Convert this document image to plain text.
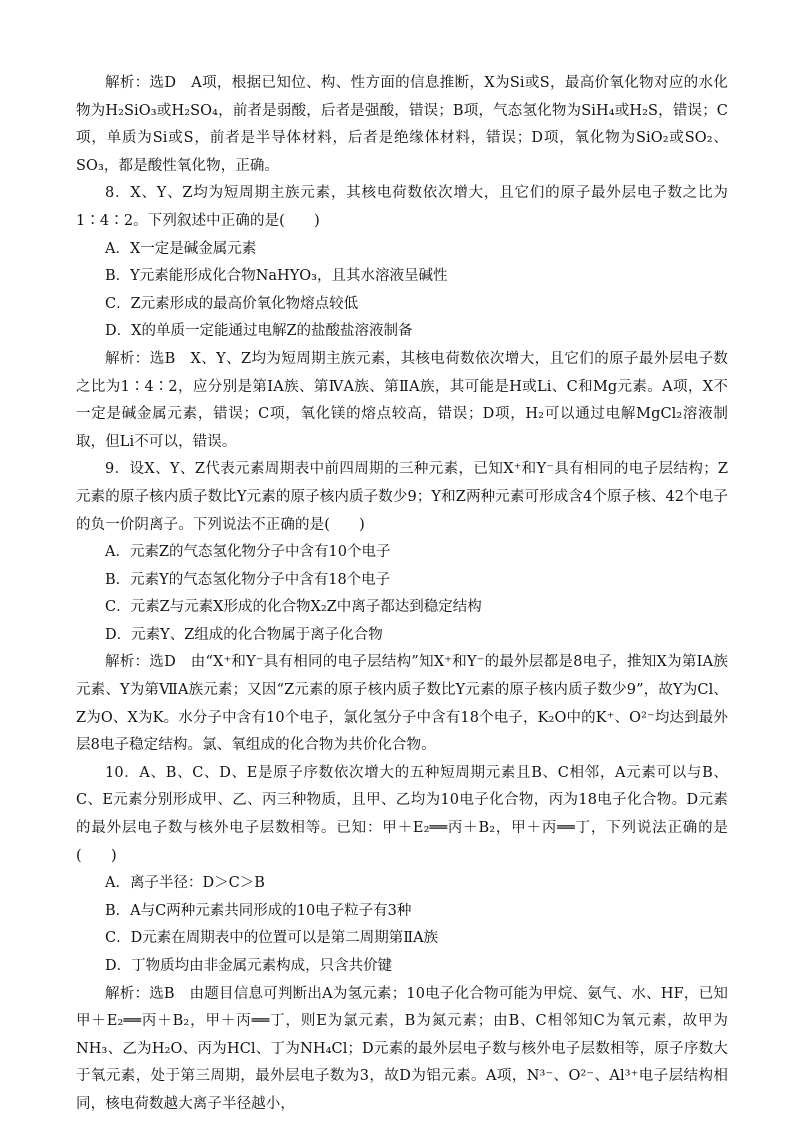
解析：选D　A项，根据已知位、构、性方面的信息推断，X为Si或S，最高价氧化物对应的水化物为H₂SiO₃或H₂SO₄，前者是弱酸，后者是强酸，错误；B项，气态氢化物为SiH₄或H₂S，错误；C项，单质为Si或S，前者是半导体材料，后者是绝缘体材料，错误；D项，氧化物为SiO₂或SO₂、SO₃，都是酸性氧化物，正确。

8．X、Y、Z均为短周期主族元素，其核电荷数依次增大，且它们的原子最外层电子数之比为1∶4∶2。下列叙述中正确的是(　　)

A．X一定是碱金属元素

B．Y元素能形成化合物NaHYO₃，且其水溶液呈碱性

C．Z元素形成的最高价氧化物熔点较低

D．X的单质一定能通过电解Z的盐酸盐溶液制备

解析：选B　X、Y、Z均为短周期主族元素，其核电荷数依次增大，且它们的原子最外层电子数之比为1∶4∶2，应分别是第ⅠA族、第ⅣA族、第ⅡA族，其可能是H或Li、C和Mg元素。A项，X不一定是碱金属元素，错误；C项，氧化镁的熔点较高，错误；D项，H₂可以通过电解MgCl₂溶液制取，但Li不可以，错误。

9．设X、Y、Z代表元素周期表中前四周期的三种元素，已知X⁺和Y⁻具有相同的电子层结构；Z元素的原子核内质子数比Y元素的原子核内质子数少9；Y和Z两种元素可形成含4个原子核、42个电子的负一价阴离子。下列说法不正确的是(　　)

A．元素Z的气态氢化物分子中含有10个电子

B．元素Y的气态氢化物分子中含有18个电子

C．元素Z与元素X形成的化合物X₂Z中离子都达到稳定结构

D．元素Y、Z组成的化合物属于离子化合物

解析：选D　由“X⁺和Y⁻具有相同的电子层结构”知X⁺和Y⁻的最外层都是8电子，推知X为第ⅠA族元素、Y为第ⅦA族元素；又因“Z元素的原子核内质子数比Y元素的原子核内质子数少9”，故Y为Cl、Z为O、X为K。水分子中含有10个电子，氯化氢分子中含有18个电子，K₂O中的K⁺、O²⁻均达到最外层8电子稳定结构。氯、氧组成的化合物为共价化合物。

10．A、B、C、D、E是原子序数依次增大的五种短周期元素且B、C相邻，A元素可以与B、C、E元素分别形成甲、乙、丙三种物质，且甲、乙均为10电子化合物，丙为18电子化合物。D元素的最外层电子数与核外电子层数相等。已知：甲＋E₂══丙＋B₂，甲＋丙══丁，下列说法正确的是(　　)

A．离子半径：D＞C＞B

B．A与C两种元素共同形成的10电子粒子有3种

C．D元素在周期表中的位置可以是第二周期第ⅡA族

D．丁物质均由非金属元素构成，只含共价键

解析：选B　由题目信息可判断出A为氢元素；10电子化合物可能为甲烷、氨气、水、HF，已知甲＋E₂══丙＋B₂，甲＋丙══丁，则E为氯元素，B为氮元素；由B、C相邻知C为氧元素，故甲为NH₃、乙为H₂O、丙为HCl、丁为NH₄Cl；D元素的最外层电子数与核外电子层数相等，原子序数大于氧元素，处于第三周期，最外层电子数为3，故D为铝元素。A项，N³⁻、O²⁻、Al³⁺电子层结构相同，核电荷数越大离子半径越小，
